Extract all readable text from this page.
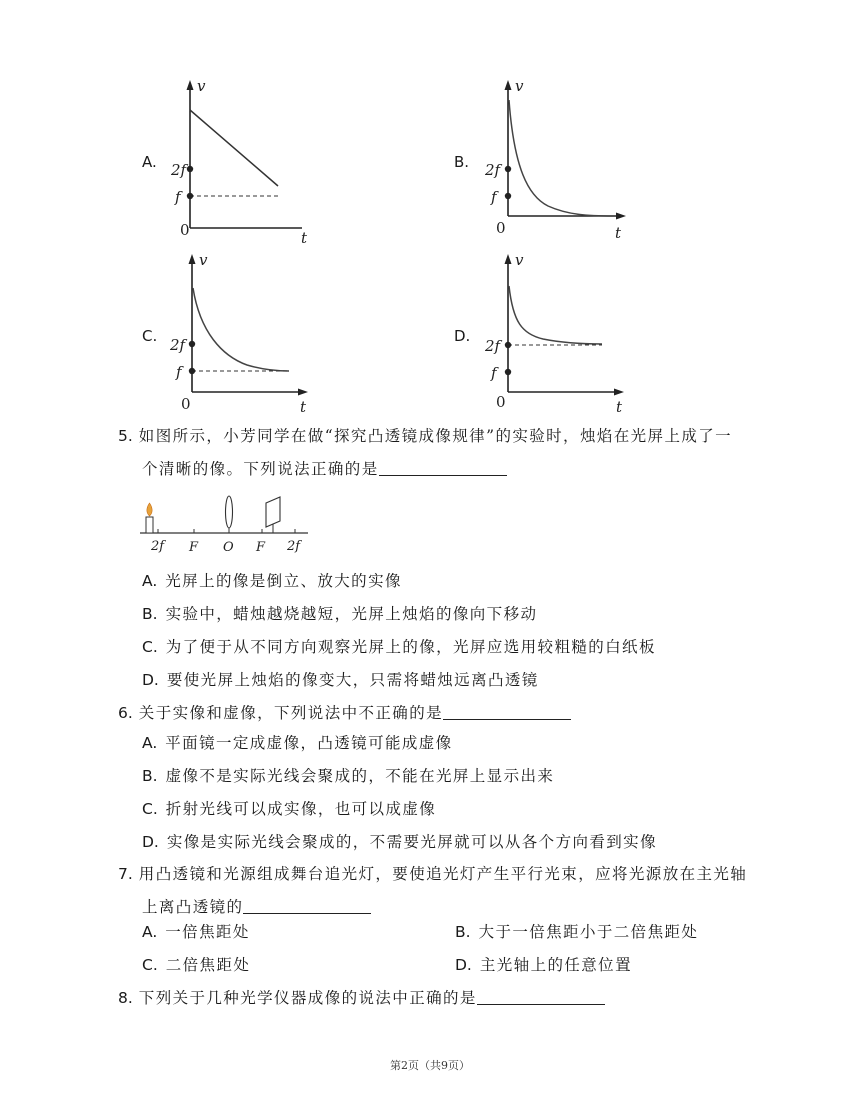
A.
v
t
0
2f
f
B.
v
t
0
2f
f
C.
v
t
0
2f
f
D.
v
t
0
2f
f
5. 如图所示，小芳同学在做“探究凸透镜成像规律”的实验时，烛焰在光屏上成了一
个清晰的像。下列说法正确的是
2f F O F 2f
A. 光屏上的像是倒立、放大的实像
B. 实验中，蜡烛越烧越短，光屏上烛焰的像向下移动
C. 为了便于从不同方向观察光屏上的像，光屏应选用较粗糙的白纸板
D. 要使光屏上烛焰的像变大，只需将蜡烛远离凸透镜
6. 关于实像和虚像，下列说法中不正确的是
A. 平面镜一定成虚像，凸透镜可能成虚像
B. 虚像不是实际光线会聚成的，不能在光屏上显示出来
C. 折射光线可以成实像，也可以成虚像
D. 实像是实际光线会聚成的，不需要光屏就可以从各个方向看到实像
7. 用凸透镜和光源组成舞台追光灯，要使追光灯产生平行光束，应将光源放在主光轴
上离凸透镜的
A. 一倍焦距处	B. 大于一倍焦距小于二倍焦距处
C. 二倍焦距处	D. 主光轴上的任意位置
8. 下列关于几种光学仪器成像的说法中正确的是
第2页（共9页）
